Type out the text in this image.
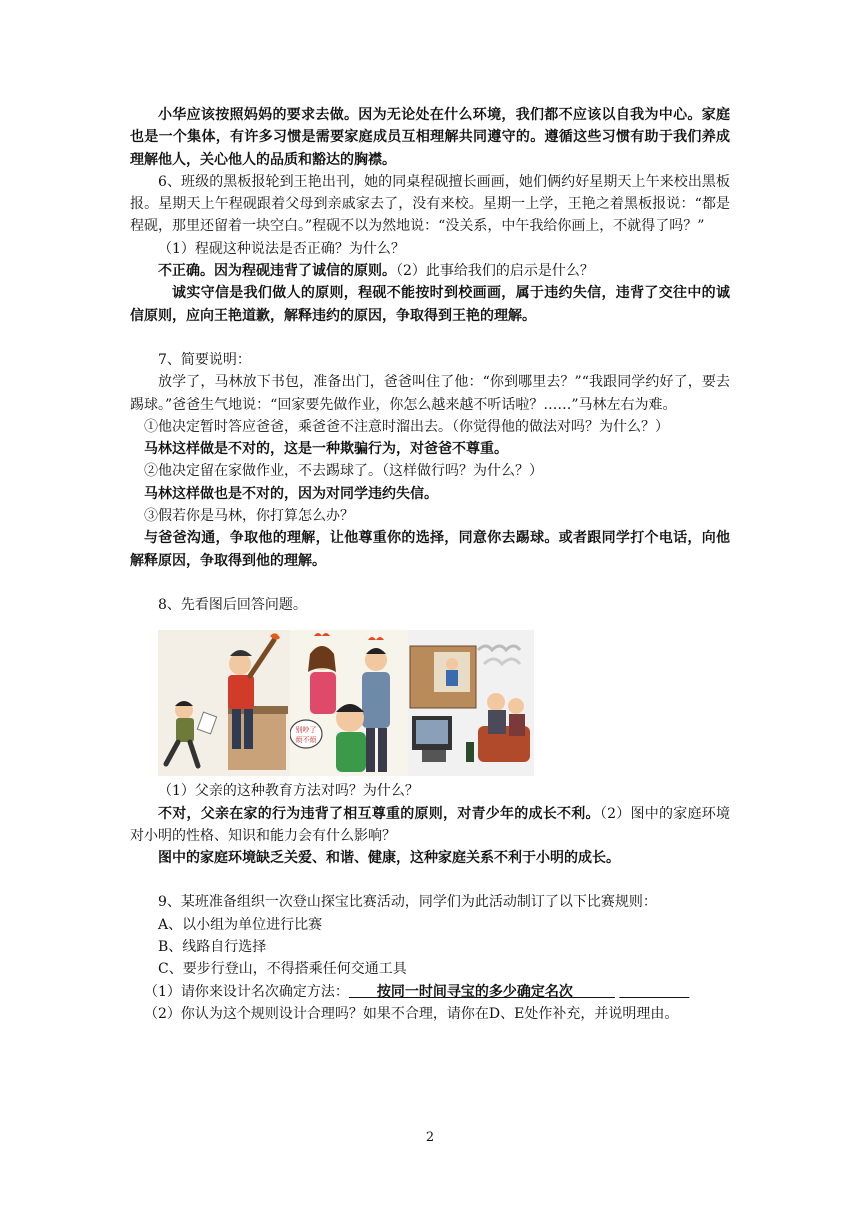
小华应该按照妈妈的要求去做。因为无论处在什么环境，我们都不应该以自我为中心。家庭也是一个集体，有许多习惯是需要家庭成员互相理解共同遵守的。遵循这些习惯有助于我们养成理解他人，关心他人的品质和豁达的胸襟。

6、班级的黑板报轮到王艳出刊，她的同桌程砚擅长画画，她们俩约好星期天上午来校出黑板报。星期天上午程砚跟着父母到亲戚家去了，没有来校。星期一上学，王艳之着黑板报说：“都是程砚，那里还留着一块空白。”程砚不以为然地说：“没关系，中午我给你画上，不就得了吗？”

（1）程砚这种说法是否正确？为什么？

不正确。因为程砚违背了诚信的原则。（2）此事给我们的启示是什么？

诚实守信是我们做人的原则，程砚不能按时到校画画，属于违约失信，违背了交往中的诚信原则，应向王艳道歉，解释违约的原因，争取得到王艳的理解。

7、简要说明：

放学了，马林放下书包，准备出门，爸爸叫住了他：“你到哪里去？”“我跟同学约好了，要去踢球。”爸爸生气地说：“回家要先做作业，你怎么越来越不听话啦？……”马林左右为难。

①他决定暂时答应爸爸，乘爸爸不注意时溜出去。（你觉得他的做法对吗？为什么？）

马林这样做是不对的，这是一种欺骗行为，对爸爸不尊重。

②他决定留在家做作业，不去踢球了。（这样做行吗？为什么？）

马林这样做也是不对的，因为对同学违约失信。

③假若你是马林，你打算怎么办？

与爸爸沟通，争取他的理解，让他尊重你的选择，同意你去踢球。或者跟同学打个电话，向他解释原因，争取得到他的理解。

8、先看图后回答问题。

别吵了
烦不烦

（1）父亲的这种教育方法对吗？为什么？

不对，父亲在家的行为违背了相互尊重的原则，对青少年的成长不利。（2）图中的家庭环境对小明的性格、知识和能力会有什么影响？

图中的家庭环境缺乏关爱、和谐、健康，这种家庭关系不利于小明的成长。

9、某班准备组织一次登山探宝比赛活动，同学们为此活动制订了以下比赛规则：

A、以小组为单位进行比赛

B、线路自行选择

C、要步行登山，不得搭乘任何交通工具

（1）请你来设计名次确定方法：   按同一时间寻宝的多少确定名次         

（2）你认为这个规则设计合理吗？如果不合理，请你在D、E处作补充，并说明理由。

2
